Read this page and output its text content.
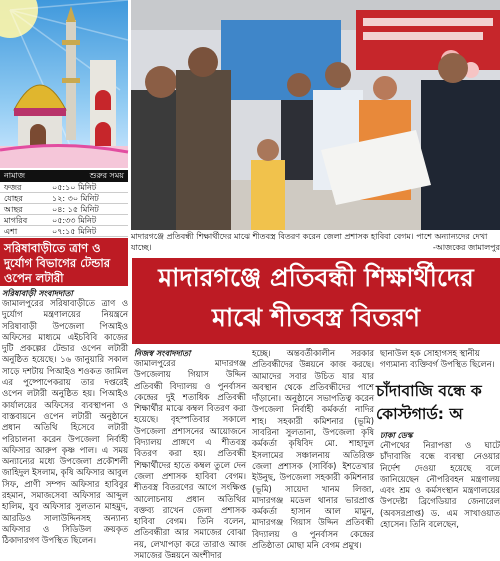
নামাজ	শুরুর সময়
ফজর	০৫:১০ মিনিট
যোহর	১২: ৩০ মিনিট
আছর	০৪: ১৫ মিনিট
মাগরিব	০৫:৩৩ মিনিট
এশা	০৭:১৫ মিনিট
সরিষাবাড়ীতে ত্রাণ ও দুর্যোগ বিভাগের টেন্ডার ওপেন লটারী
সরিষাবাড়ী সংবাদদাতা
জামালপুরের সরিষাবাড়ীতে ত্রাণ ও দুর্যোগ মন্ত্রণালয়ের নিয়ন্ত্রনে সরিষাবাড়ী উপজেলা পিআইও অফিসের মাধ্যমে এইচবিবি কাজের দুটি প্রকল্পের টেন্ডার ওপেন লটারী অনুষ্ঠিত হয়েছে। ১৬ জানুয়ারি সকাল সাড়ে দশটায় পিআইও শওকত জামিল এর পুষ্পোপেকরায় তার দপ্তরেই ওপেন লটারী অনুষ্ঠিত হয়। পিআইও কার্যালয়ের অফিসের ব্যবস্থাপনা ও বাস্তবায়নে ওপেন লটারী অনুষ্ঠানে প্রধান অতিথি হিসেবে লটারী পরিচালনা করেন উপজেলা নির্বাহী অফিসার আরুপ কৃষ্ণ পাল। এ সময় অন্যান্যের মধ্যে উপজেলা প্রকৌশলী জাহিদুল ইসলাম, কৃষি অফিসার আবুল সিফ, প্রাণী সম্পদ অফিসার হাবিবুর রহমান, সমাজসেবা অফিসার আব্দুল হালিম, যুব অফিসার সুলতান মাহমুদ, আরডিও সালাউদ্দিনসহ অন্যান্য অফিসার ও সিডিউল ক্রয়কৃত ঠিকাদারগণ উপস্থিত ছিলেন।
মাদারগঞ্জে প্রতিবন্ধী শিক্ষার্থীদের মাঝে শীতবস্ত্র বিতরণ করেন জেলা প্রশাসক হাবিবা বেগম। পাশে অন্যান্যদের দেখা যাচ্ছে।	-আজকের জামালপুর
মাদারগঞ্জে প্রতিবন্ধী শিক্ষার্থীদের
মাঝে শীতবস্ত্র বিতরণ
নিজস্ব সংবাদদাতা
জামালপুরের মাদারগঞ্জ উপজেলায় গিয়াস উদ্দিন প্রতিবন্ধী বিদ্যালয় ও পুনর্বাসন কেন্দ্রের দুই শতাধিক প্রতিবন্ধী শিক্ষার্থীর মাঝে কম্বল বিতরণ করা হয়েছে। বৃহস্পতিবার সকালে উপজেলা প্রশাসনের আয়োজনে বিদ্যালয় প্রাঙ্গণে এ শীতবস্ত্র বিতরণ করা হয়। প্রতিবন্ধী শিক্ষার্থীদের হাতে কম্বল তুলে দেন জেলা প্রশাসক হাবিবা বেগম। শীতবস্ত্র বিতরণের আগে সংক্ষিপ্ত আলোচনায় প্রধান অতিথির বক্তব্য রাখেন জেলা প্রশাসক হাবিবা বেগম। তিনি বলেন, প্রতিবন্ধীরা আর সমাজের বোঝা নয়, লেখাপড়া করে তারাও আজ সমাজের উন্নয়নে অংশীদার
হচ্ছে। অন্তবর্তীকালীন সরকার প্রতিবন্ধীদের উন্নয়নে কাজ করছে। আমাদের সবার উচিত যার যার অবস্থান থেকে প্রতিবন্ধীদের পাশে দাঁড়ানো। অনুষ্ঠানে সভাপতিত্ব করেন উপজেলা নির্বাহী কর্মকর্তা নাদির শাহ। সহকারী কমিশনার (ভূমি) সাবরিনা সুলতানা, উপজেলা কৃষি কর্মকর্তা কৃষিবিদ মো. শাহাদুল ইসলামের সঞ্চালনায় অতিরিক্ত জেলা প্রশাসক (সার্বিক) ইশতেখার ইউনুছ, উপজেলা সহকারী কমিশনার (ভূমি) সায়েদা খানম লিজা, মাদারগঞ্জ মডেল থানার ভারপ্রাপ্ত কর্মকর্তা হাসান আল মামুন, মাদারগঞ্জ গিয়াস উদ্দিন প্রতিবন্ধী বিদ্যালয় ও পুনর্বাসন কেন্দ্রের প্রতিষ্ঠাতা মোছা মনি বেগম প্রমুখ।
ছানাউল হক সোহাগসহ স্থানীয় গণ্যমান্য ব্যক্তিবর্গ উপস্থিত ছিলেন।
চাঁদাবাজি বন্ধে ক
কোস্টগার্ড: অ
ঢাকা ডেস্ক
নৌপথের নিরাপত্তা ও ঘাটে চাঁদাবাজি বন্ধে ব্যবস্থা নেওয়ার নির্দেশ দেওয়া হয়েছে বলে জানিয়েছেন নৌপরিবহন মন্ত্রণালয় এবং শ্রম ও কর্মসংস্থান মন্ত্রণালয়ের উপদেষ্টা ব্রিগেডিয়ার জেনারেল (অবসরপ্রাপ্ত) ড. এম সাখাওয়াত হোসেন। তিনি বলেছেন,
